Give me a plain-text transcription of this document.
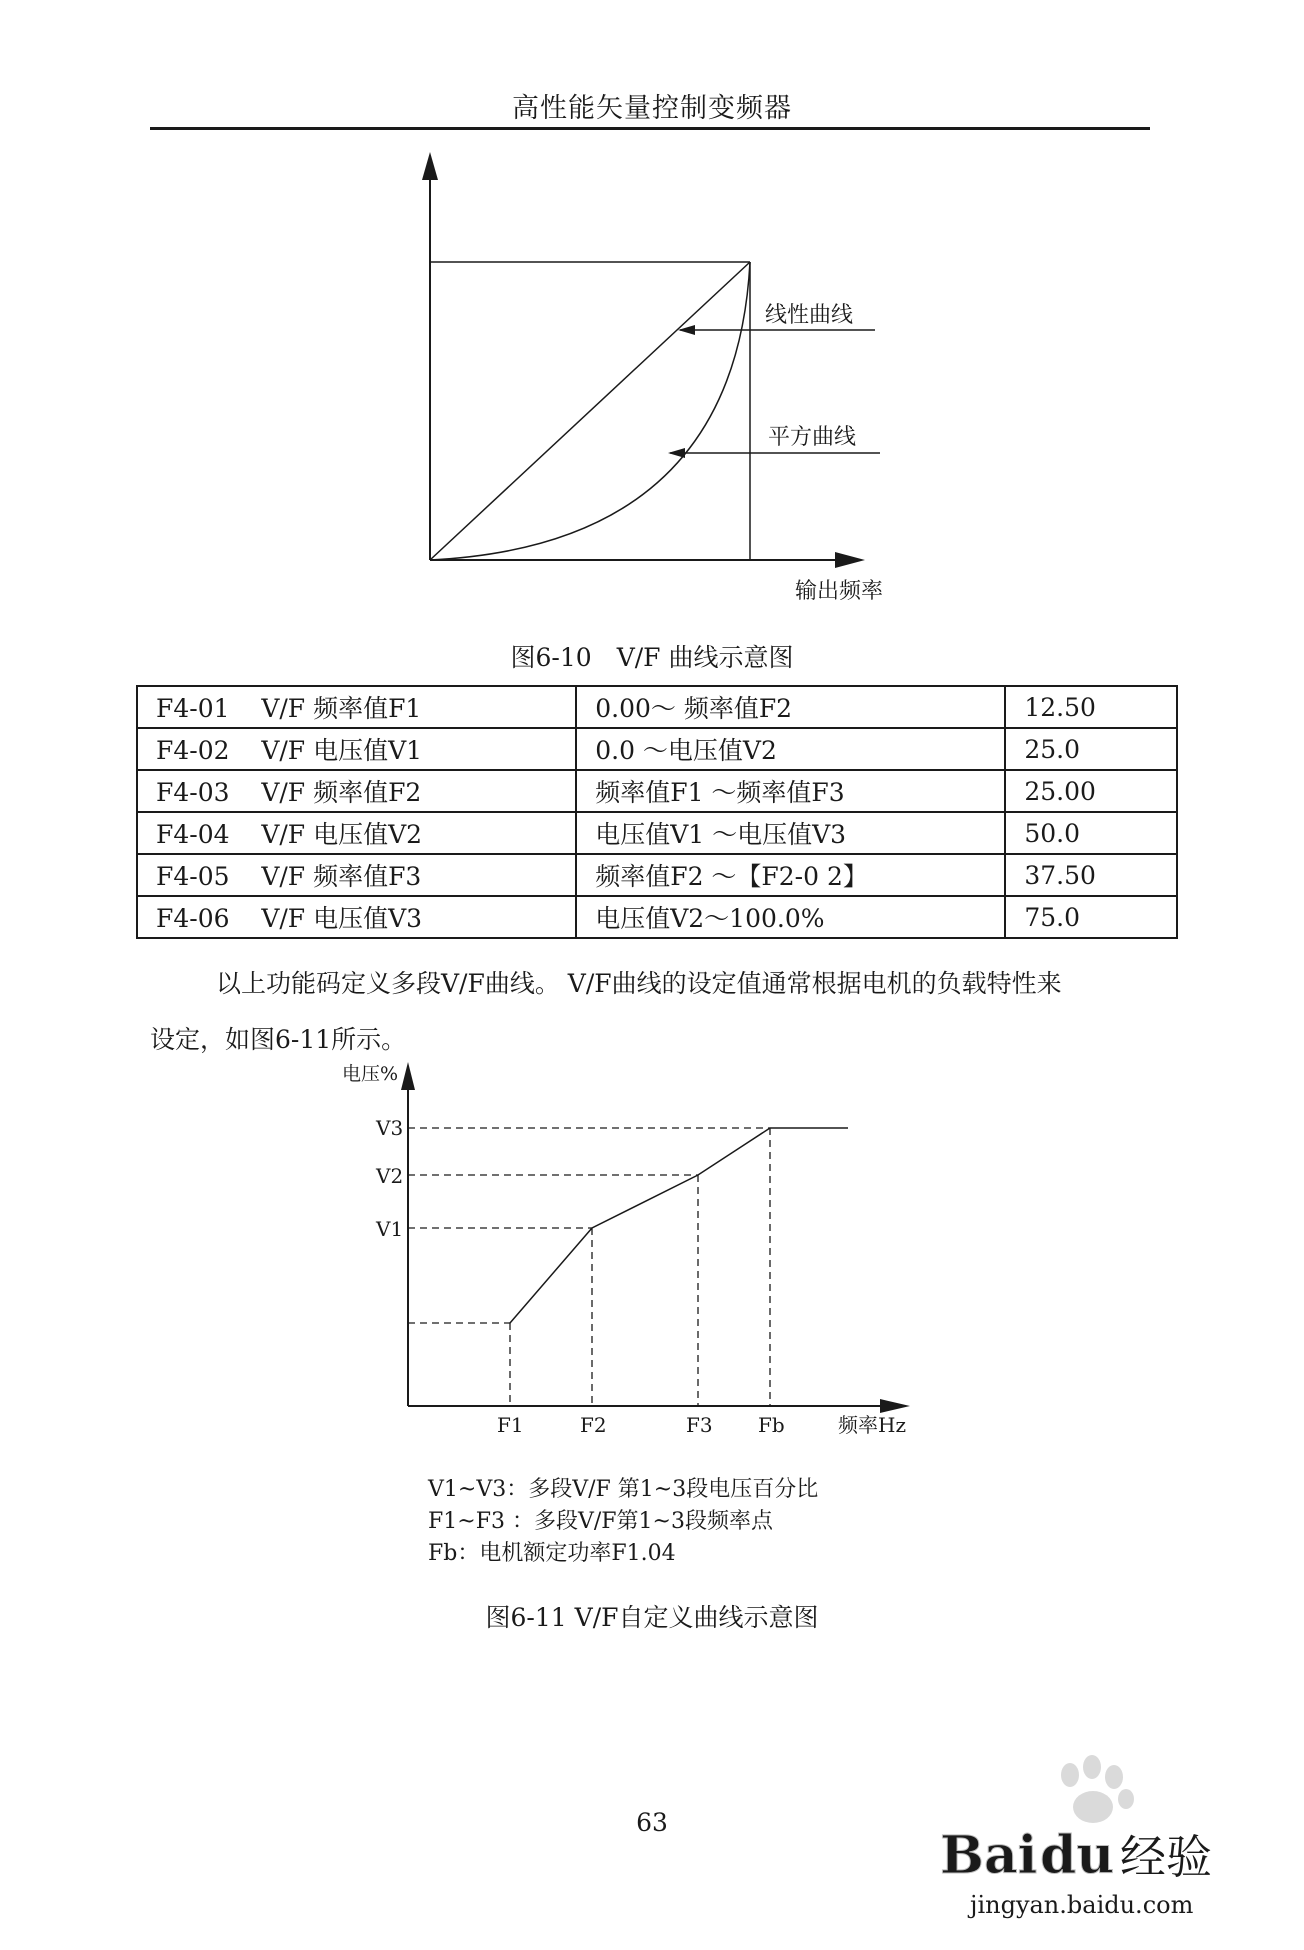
高性能矢量控制变频器
线性曲线
平方曲线
输出频率
图6-10　V/F 曲线示意图
F4-01 V/F 频率值F1	0.00～ 频率值F2	12.50
F4-02 V/F 电压值V1	0.0 ～电压值V2	25.0
F4-03 V/F 频率值F2	频率值F1 ～频率值F3	25.00
F4-04 V/F 电压值V2	电压值V1 ～电压值V3	50.0
F4-05 V/F 频率值F3	频率值F2 ～【F2-0 2】	37.50
F4-06 V/F 电压值V3	电压值V2～100.0%	75.0
以上功能码定义多段V/F曲线。 V/F曲线的设定值通常根据电机的负载特性来
设定，如图6-11所示。
电压%
V3
V2
V1
F1	F2	F3 Fb	频率Hz
V1~V3：多段V/F 第1~3段电压百分比
F1~F3 ：多段V/F第1~3段频率点
Fb：电机额定功率F1.04
图6-11 V/F自定义曲线示意图
63
Bai du 经验
jingyan.baidu.com
